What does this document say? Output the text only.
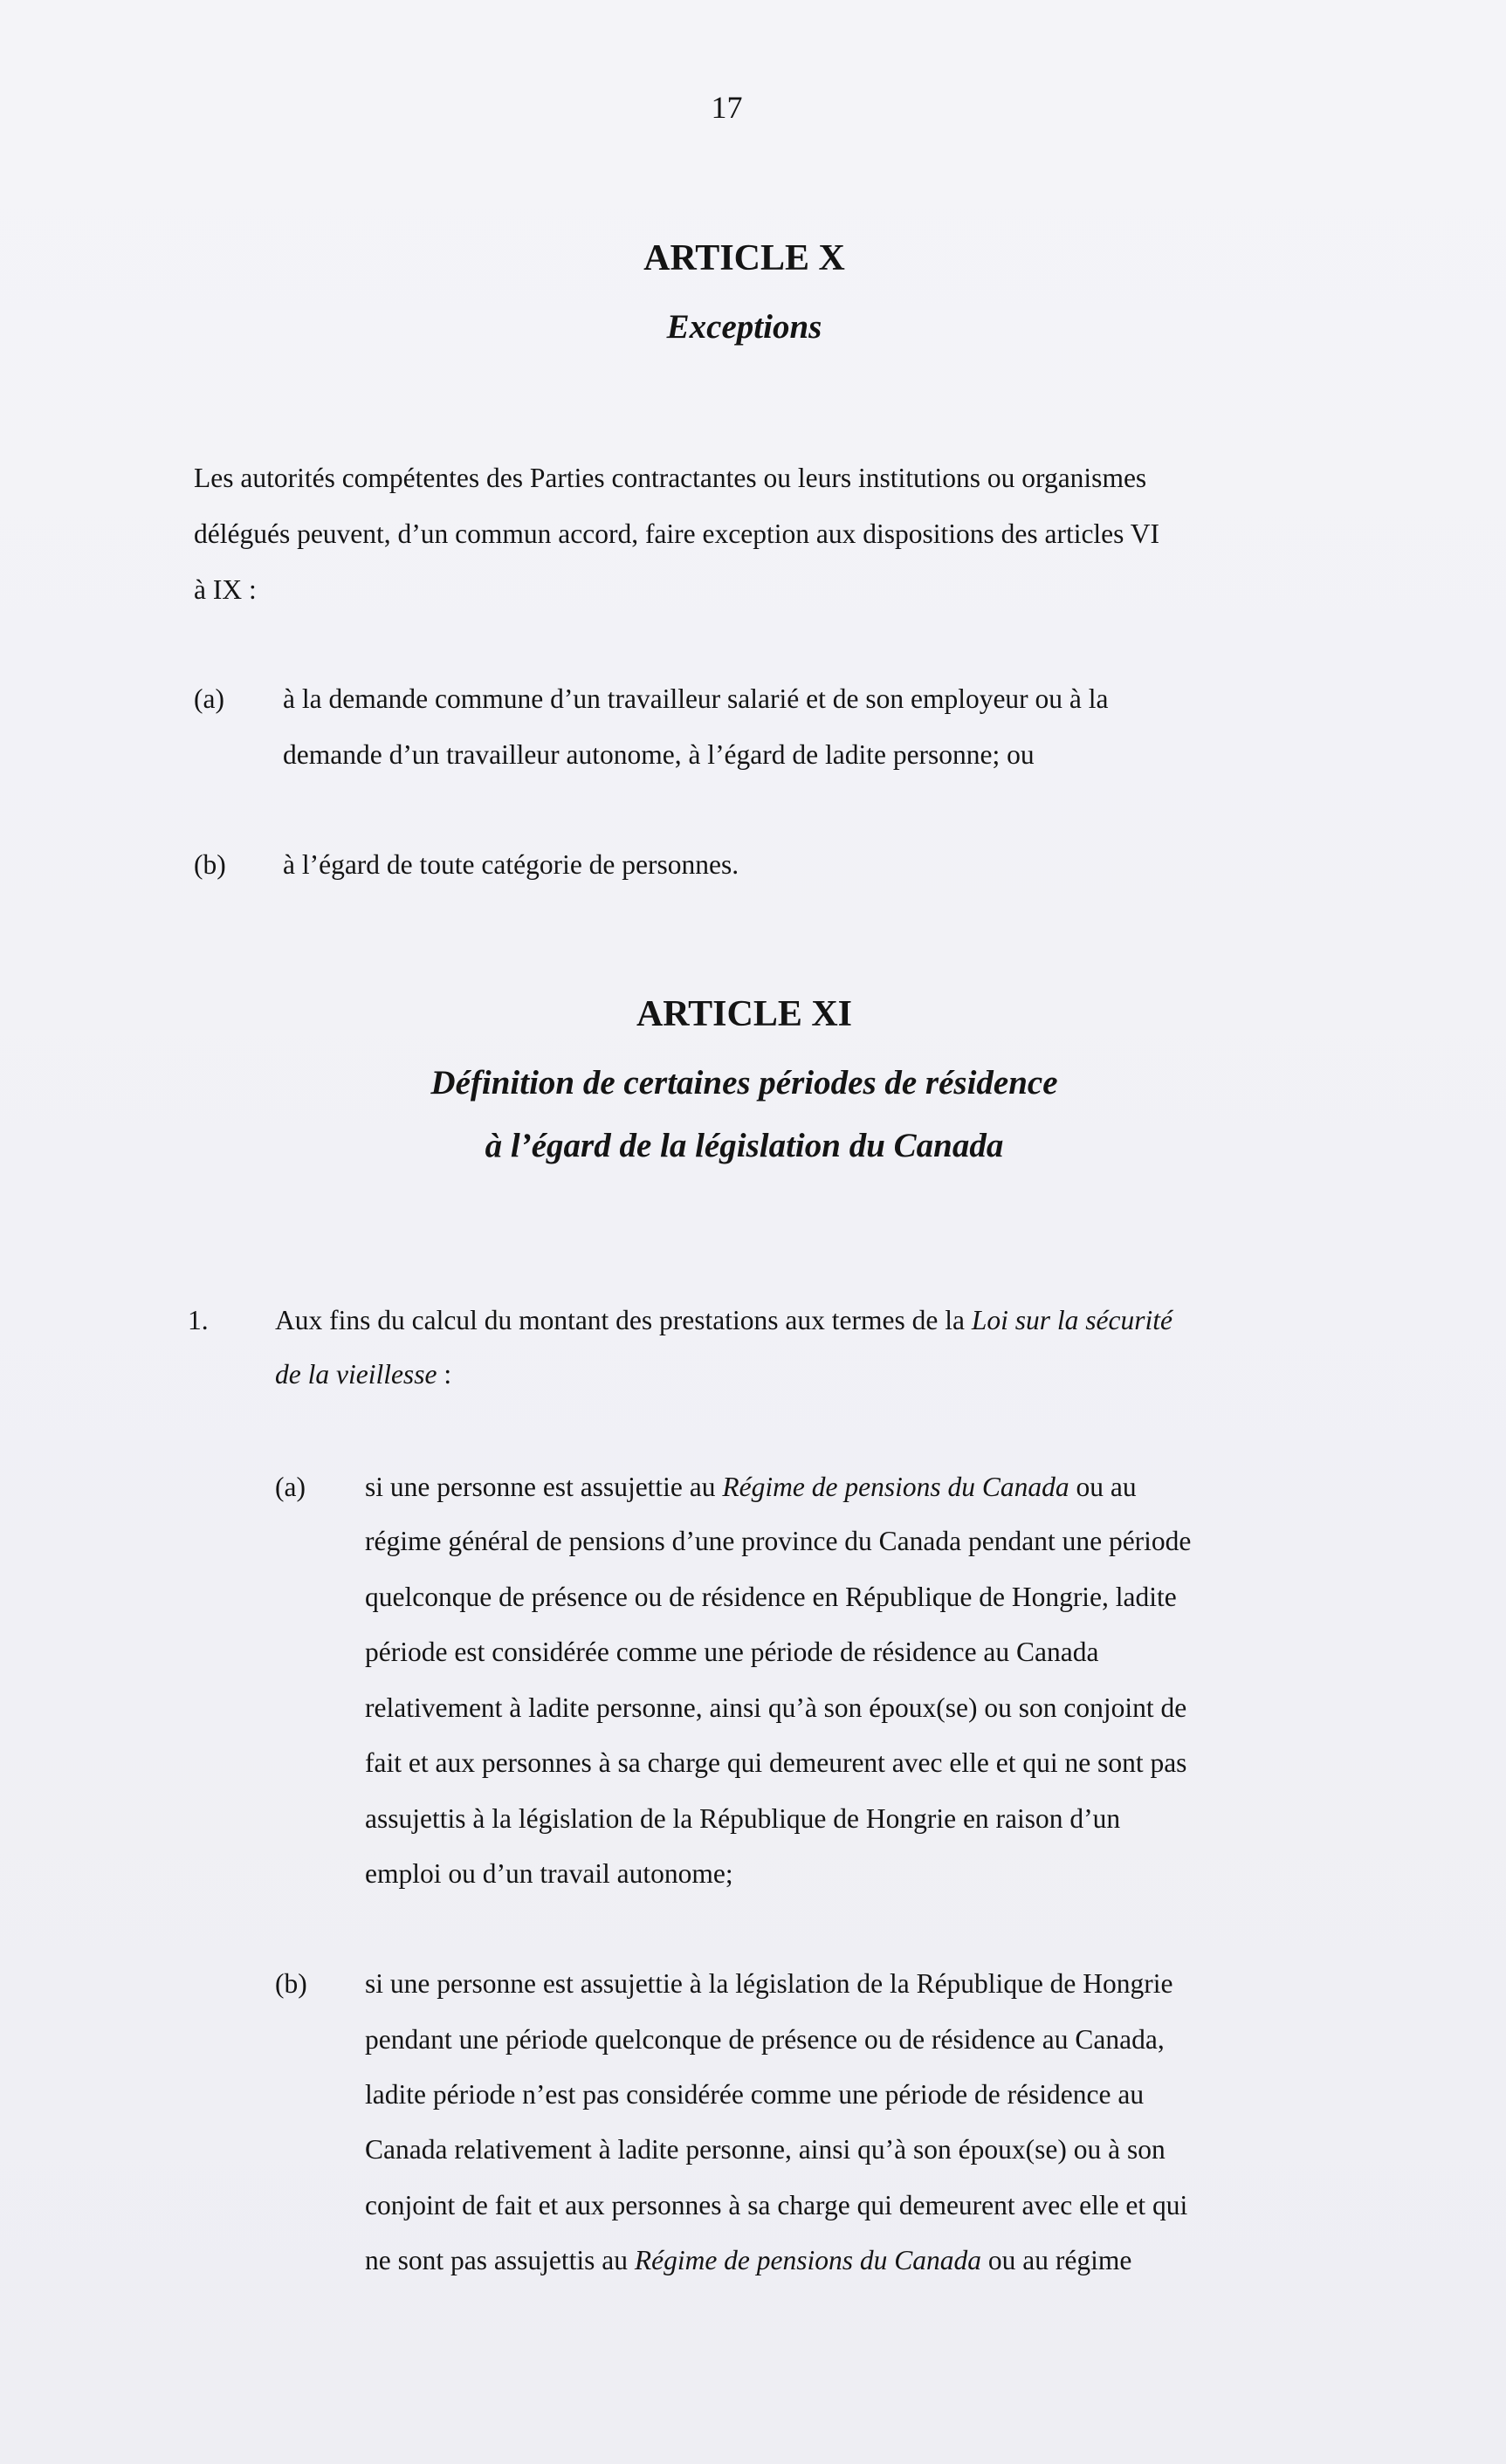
17
ARTICLE X
Exceptions
Les autorités compétentes des Parties contractantes ou leurs institutions ou organismes
délégués peuvent, d’un commun accord, faire exception aux dispositions des articles VI
à IX :
(a) à la demande commune d’un travailleur salarié et de son employeur ou à la
demande d’un travailleur autonome, à l’égard de ladite personne; ou
(b) à l’égard de toute catégorie de personnes.
ARTICLE XI
Définition de certaines périodes de résidence
à l’égard de la législation du Canada
1. Aux fins du calcul du montant des prestations aux termes de la Loi sur la sécurité
de la vieillesse :
(a) si une personne est assujettie au Régime de pensions du Canada ou au
régime général de pensions d’une province du Canada pendant une période
quelconque de présence ou de résidence en République de Hongrie, ladite
période est considérée comme une période de résidence au Canada
relativement à ladite personne, ainsi qu’à son époux(se) ou son conjoint de
fait et aux personnes à sa charge qui demeurent avec elle et qui ne sont pas
assujettis à la législation de la République de Hongrie en raison d’un
emploi ou d’un travail autonome;
(b) si une personne est assujettie à la législation de la République de Hongrie
pendant une période quelconque de présence ou de résidence au Canada,
ladite période n’est pas considérée comme une période de résidence au
Canada relativement à ladite personne, ainsi qu’à son époux(se) ou à son
conjoint de fait et aux personnes à sa charge qui demeurent avec elle et qui
ne sont pas assujettis au Régime de pensions du Canada ou au régime
